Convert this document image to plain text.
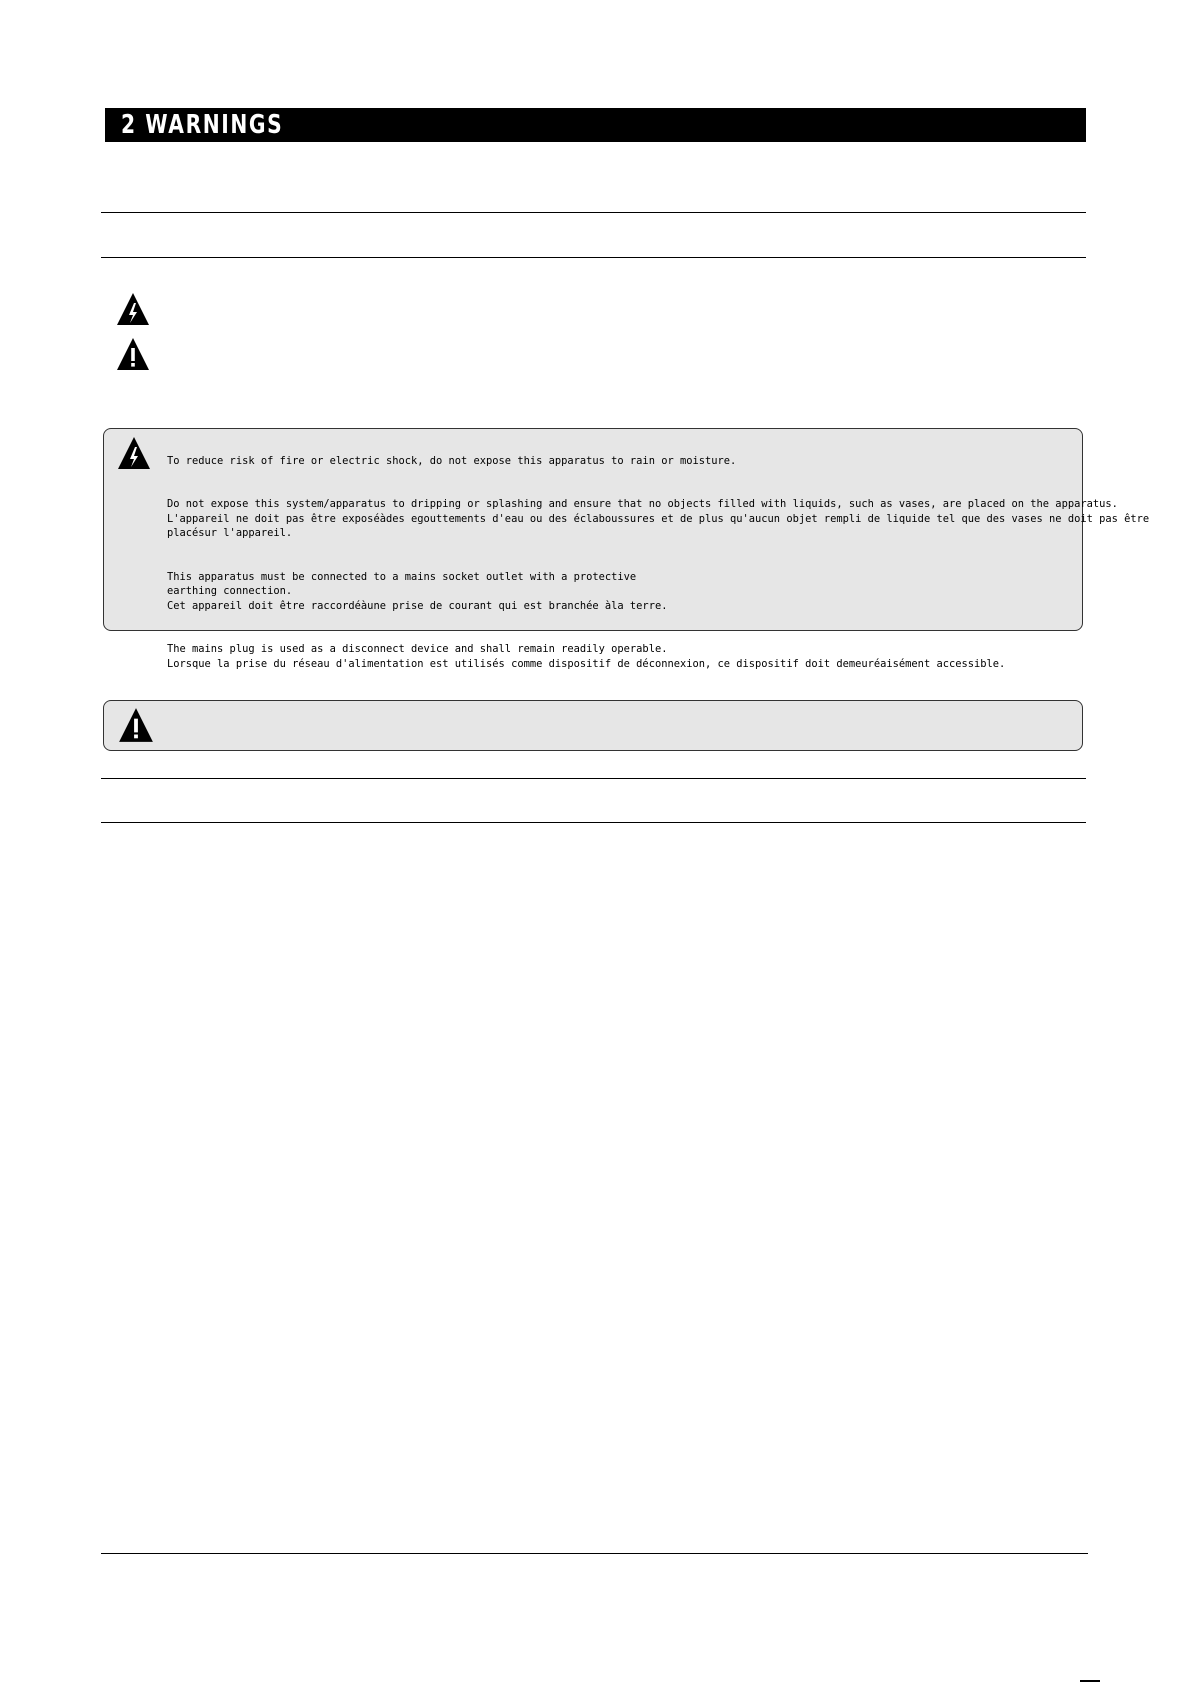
2 WARNINGS

To reduce risk of fire or electric shock, do not expose this apparatus to rain or moisture.

Do not expose this system/apparatus to dripping or splashing and ensure that no objects filled with liquids, such as vases, are placed on the apparatus.
L'appareil ne doit pas être exposéàdes egouttements d'eau ou des éclaboussures et de plus qu'aucun objet rempli de liquide tel que des vases ne doit pas être
placésur l'appareil.

This apparatus must be connected to a mains socket outlet with a protective
earthing connection.
Cet appareil doit être raccordéàune prise de courant qui est branchée àla terre.

The mains plug is used as a disconnect device and shall remain readily operable.
Lorsque la prise du réseau d'alimentation est utilisés comme dispositif de déconnexion, ce dispositif doit demeuréaisément accessible.
